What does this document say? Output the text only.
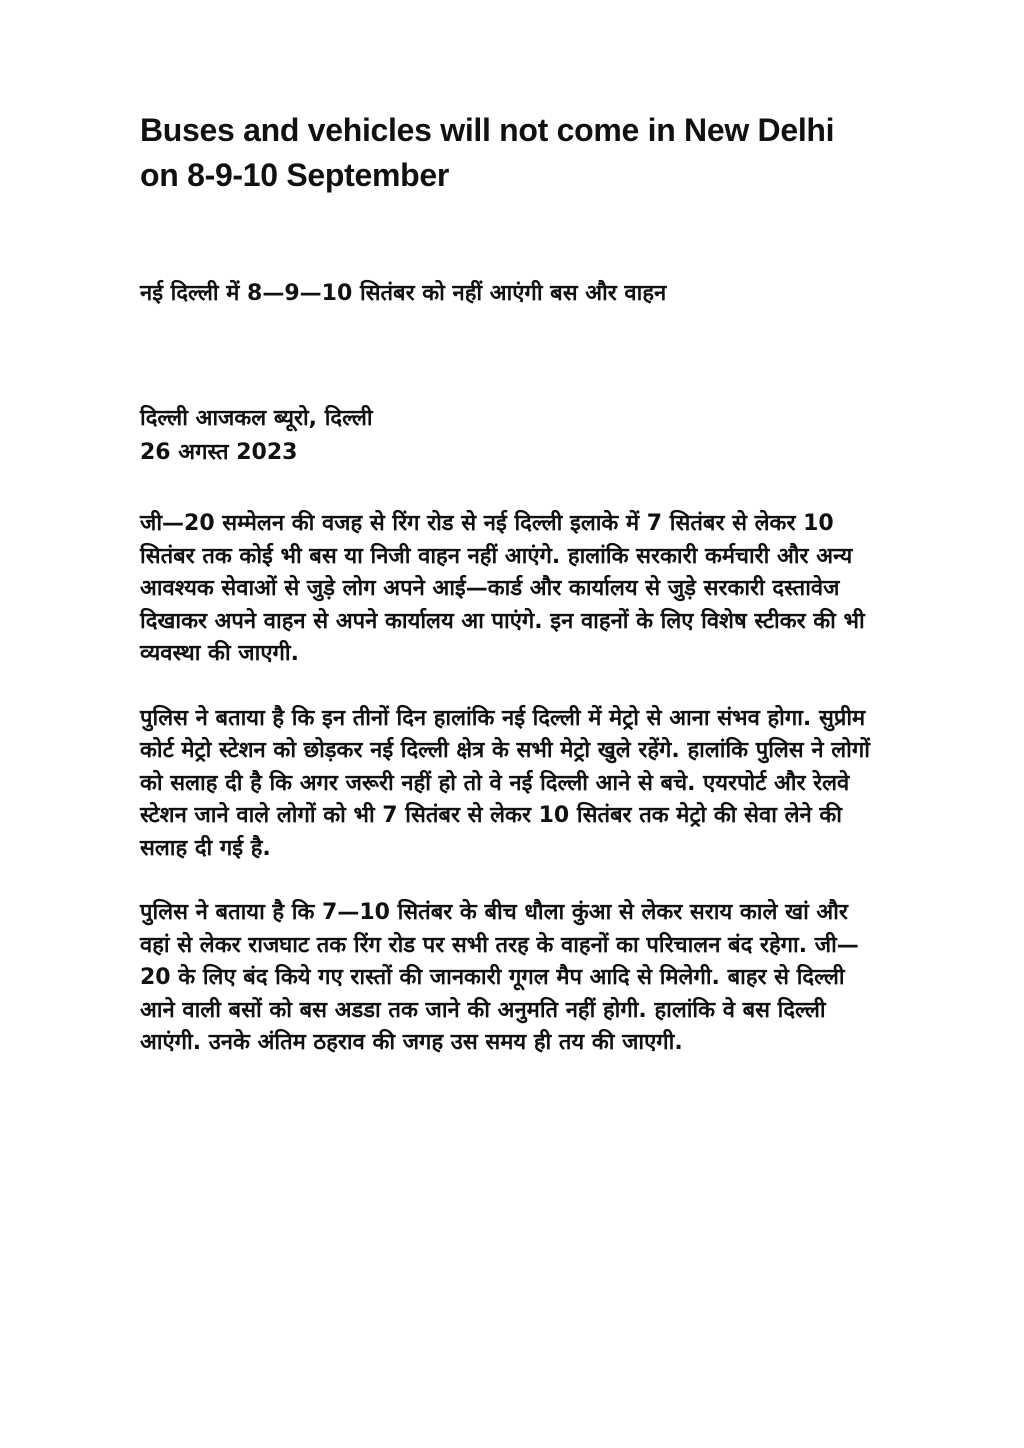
Buses and vehicles will not come in New Delhi on 8-9-10 September
नई दिल्ली में 8—9—10 सितंबर को नहीं आएंगी बस और वाहन
दिल्ली आजकल ब्यूरो, दिल्ली
26 अगस्त 2023

जी—20 सम्मेलन की वजह से रिंग रोड से नई दिल्ली इलाके में 7 सितंबर से लेकर 10 सितंबर तक कोई भी बस या निजी वाहन नहीं आएंगे. हालांकि सरकारी कर्मचारी और अन्य आवश्यक सेवाओं से जुड़े लोग अपने आई—कार्ड और कार्यालय से जुड़े सरकारी दस्तावेज दिखाकर अपने वाहन से अपने कार्यालय आ पाएंगे. इन वाहनों के लिए विशेष स्टीकर की भी व्यवस्था की जाएगी.

पुलिस ने बताया है कि इन तीनों दिन हालांकि नई दिल्ली में मेट्रो से आना संभव होगा. सुप्रीम कोर्ट मेट्रो स्टेशन को छोड़कर नई दिल्ली क्षेत्र के सभी मेट्रो खुले रहेंगे. हालांकि पुलिस ने लोगों को सलाह दी है कि अगर जरूरी नहीं हो तो वे नई दिल्ली आने से बचे. एयरपोर्ट और रेलवे स्टेशन जाने वाले लोगों को भी 7 सितंबर से लेकर 10 सितंबर तक मेट्रो की सेवा लेने की सलाह दी गई है.

पुलिस ने बताया है कि 7—10 सितंबर के बीच धौला कुंआ से लेकर सराय काले खां और वहां से लेकर राजघाट तक रिंग रोड पर सभी तरह के वाहनों का परिचालन बंद रहेगा. जी—20 के लिए बंद किये गए रास्तों की जानकारी गूगल मैप आदि से मिलेगी. बाहर से दिल्ली आने वाली बसों को बस अडडा तक जाने की अनुमति नहीं होगी. हालांकि वे बस दिल्ली आएंगी. उनके अंतिम ठहराव की जगह उस समय ही तय की जाएगी.
